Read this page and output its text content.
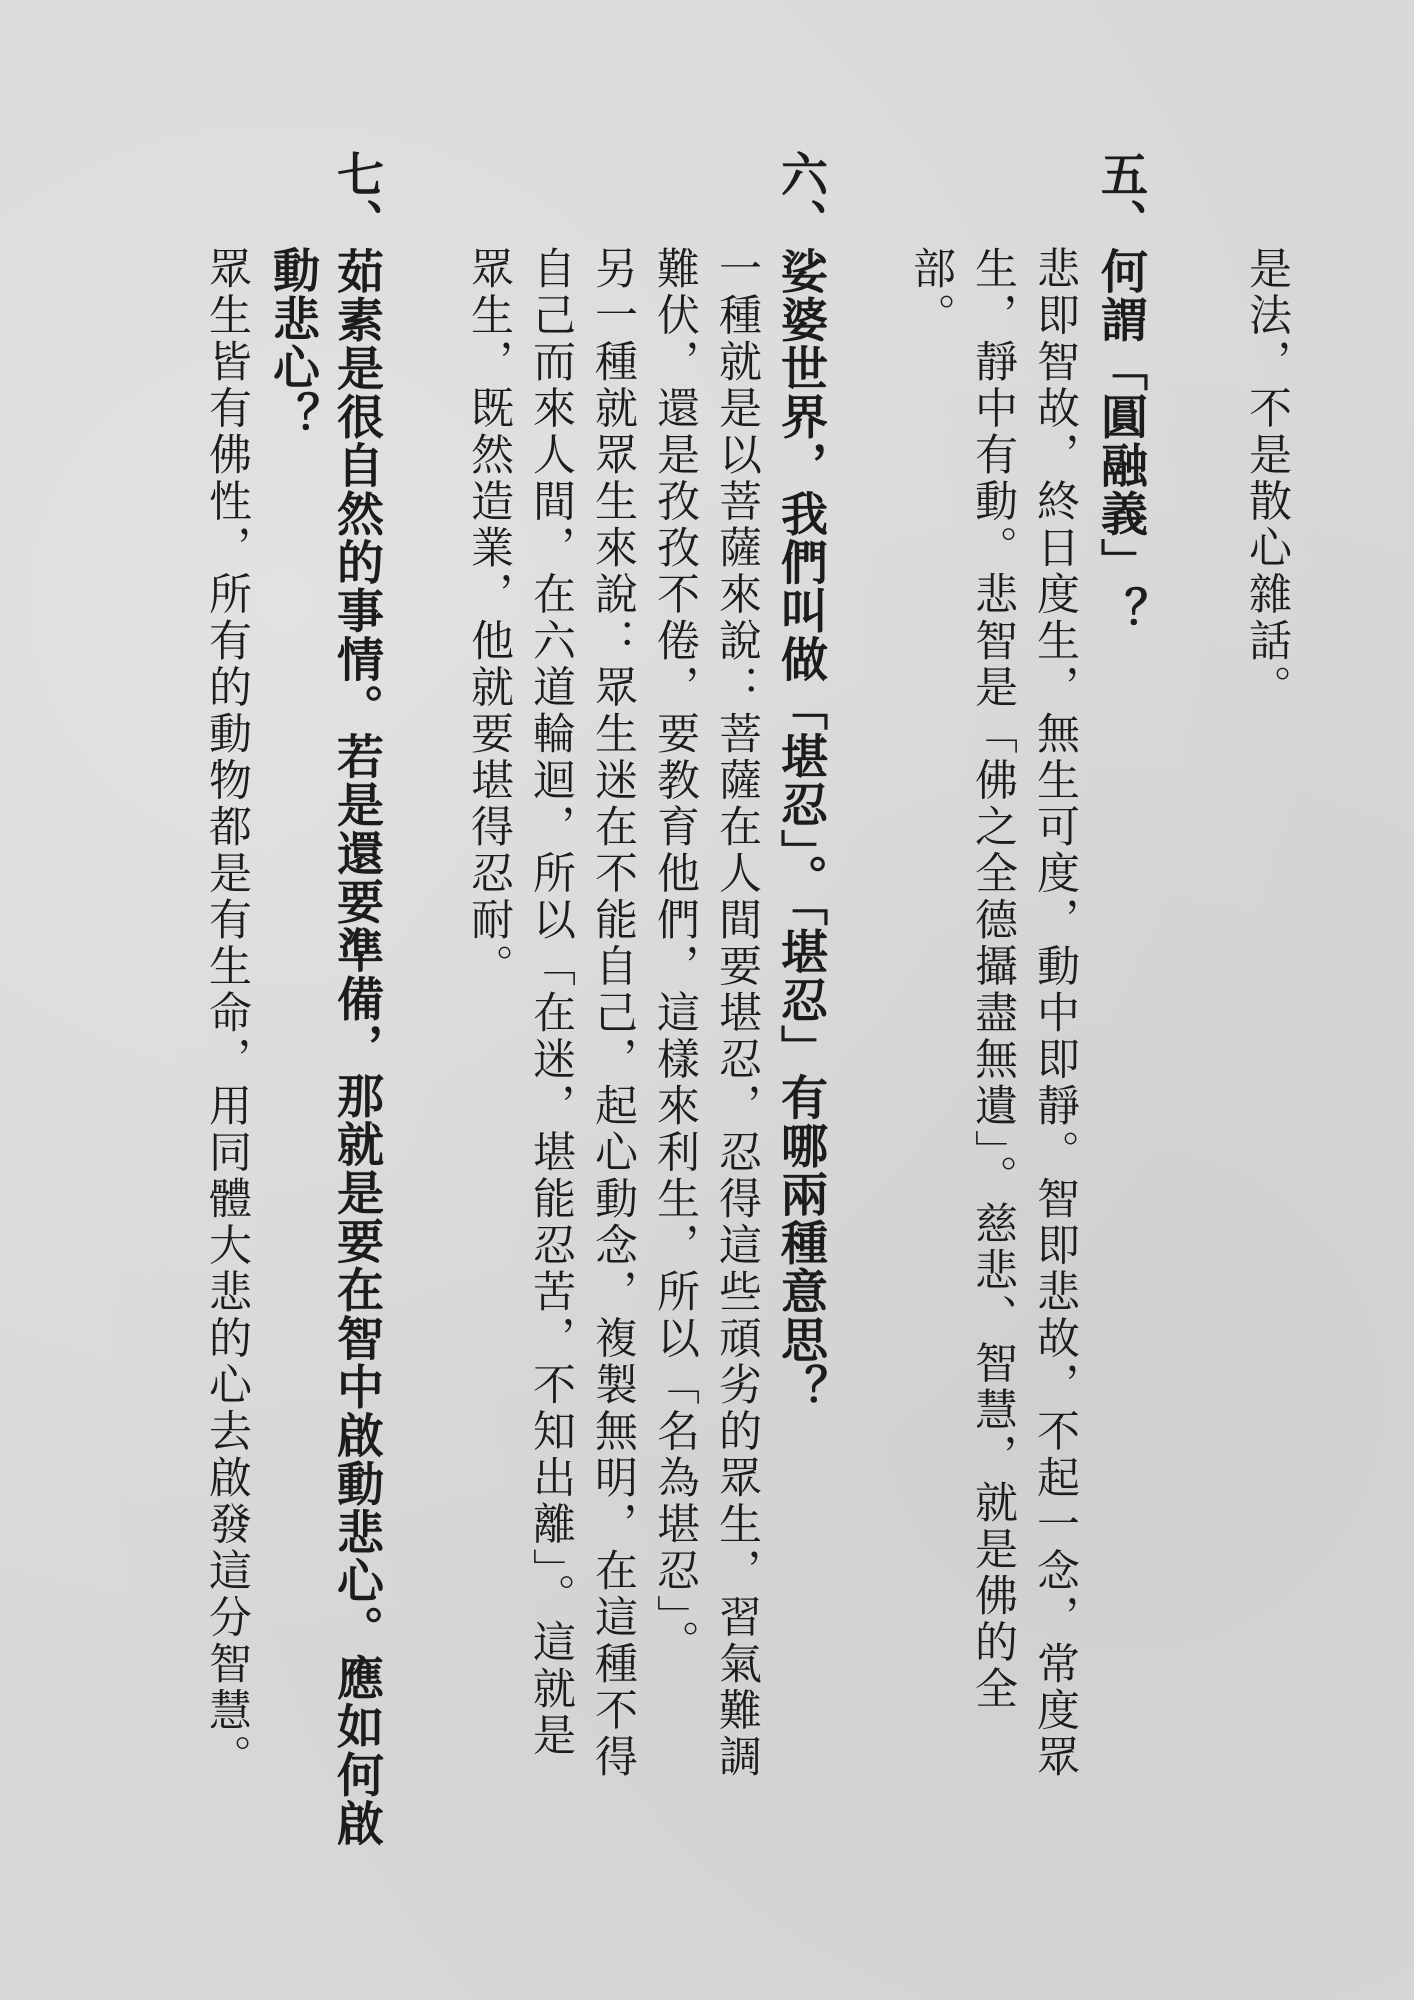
是法，不是散心雜話。
五、何謂「圓融義」？
悲即智故，終日度生，無生可度，動中即靜。智即悲故，不起一念，常度眾
生，靜中有動。悲智是「佛之全德攝盡無遺」。慈悲、智慧，就是佛的全
部。
六、娑婆世界，我們叫做「堪忍」。「堪忍」有哪兩種意思？
一種就是以菩薩來說：菩薩在人間要堪忍，忍得這些頑劣的眾生，習氣難調
難伏，還是孜孜不倦，要教育他們，這樣來利生，所以「名為堪忍」。
另一種就眾生來說：眾生迷在不能自己，起心動念，複製無明，在這種不得
自己而來人間，在六道輪迴，所以「在迷，堪能忍苦，不知出離」。這就是
眾生，既然造業，他就要堪得忍耐。
七、茹素是很自然的事情。若是還要準備，那就是要在智中啟動悲心。應如何啟
動悲心？
眾生皆有佛性，所有的動物都是有生命，用同體大悲的心去啟發這分智慧。
